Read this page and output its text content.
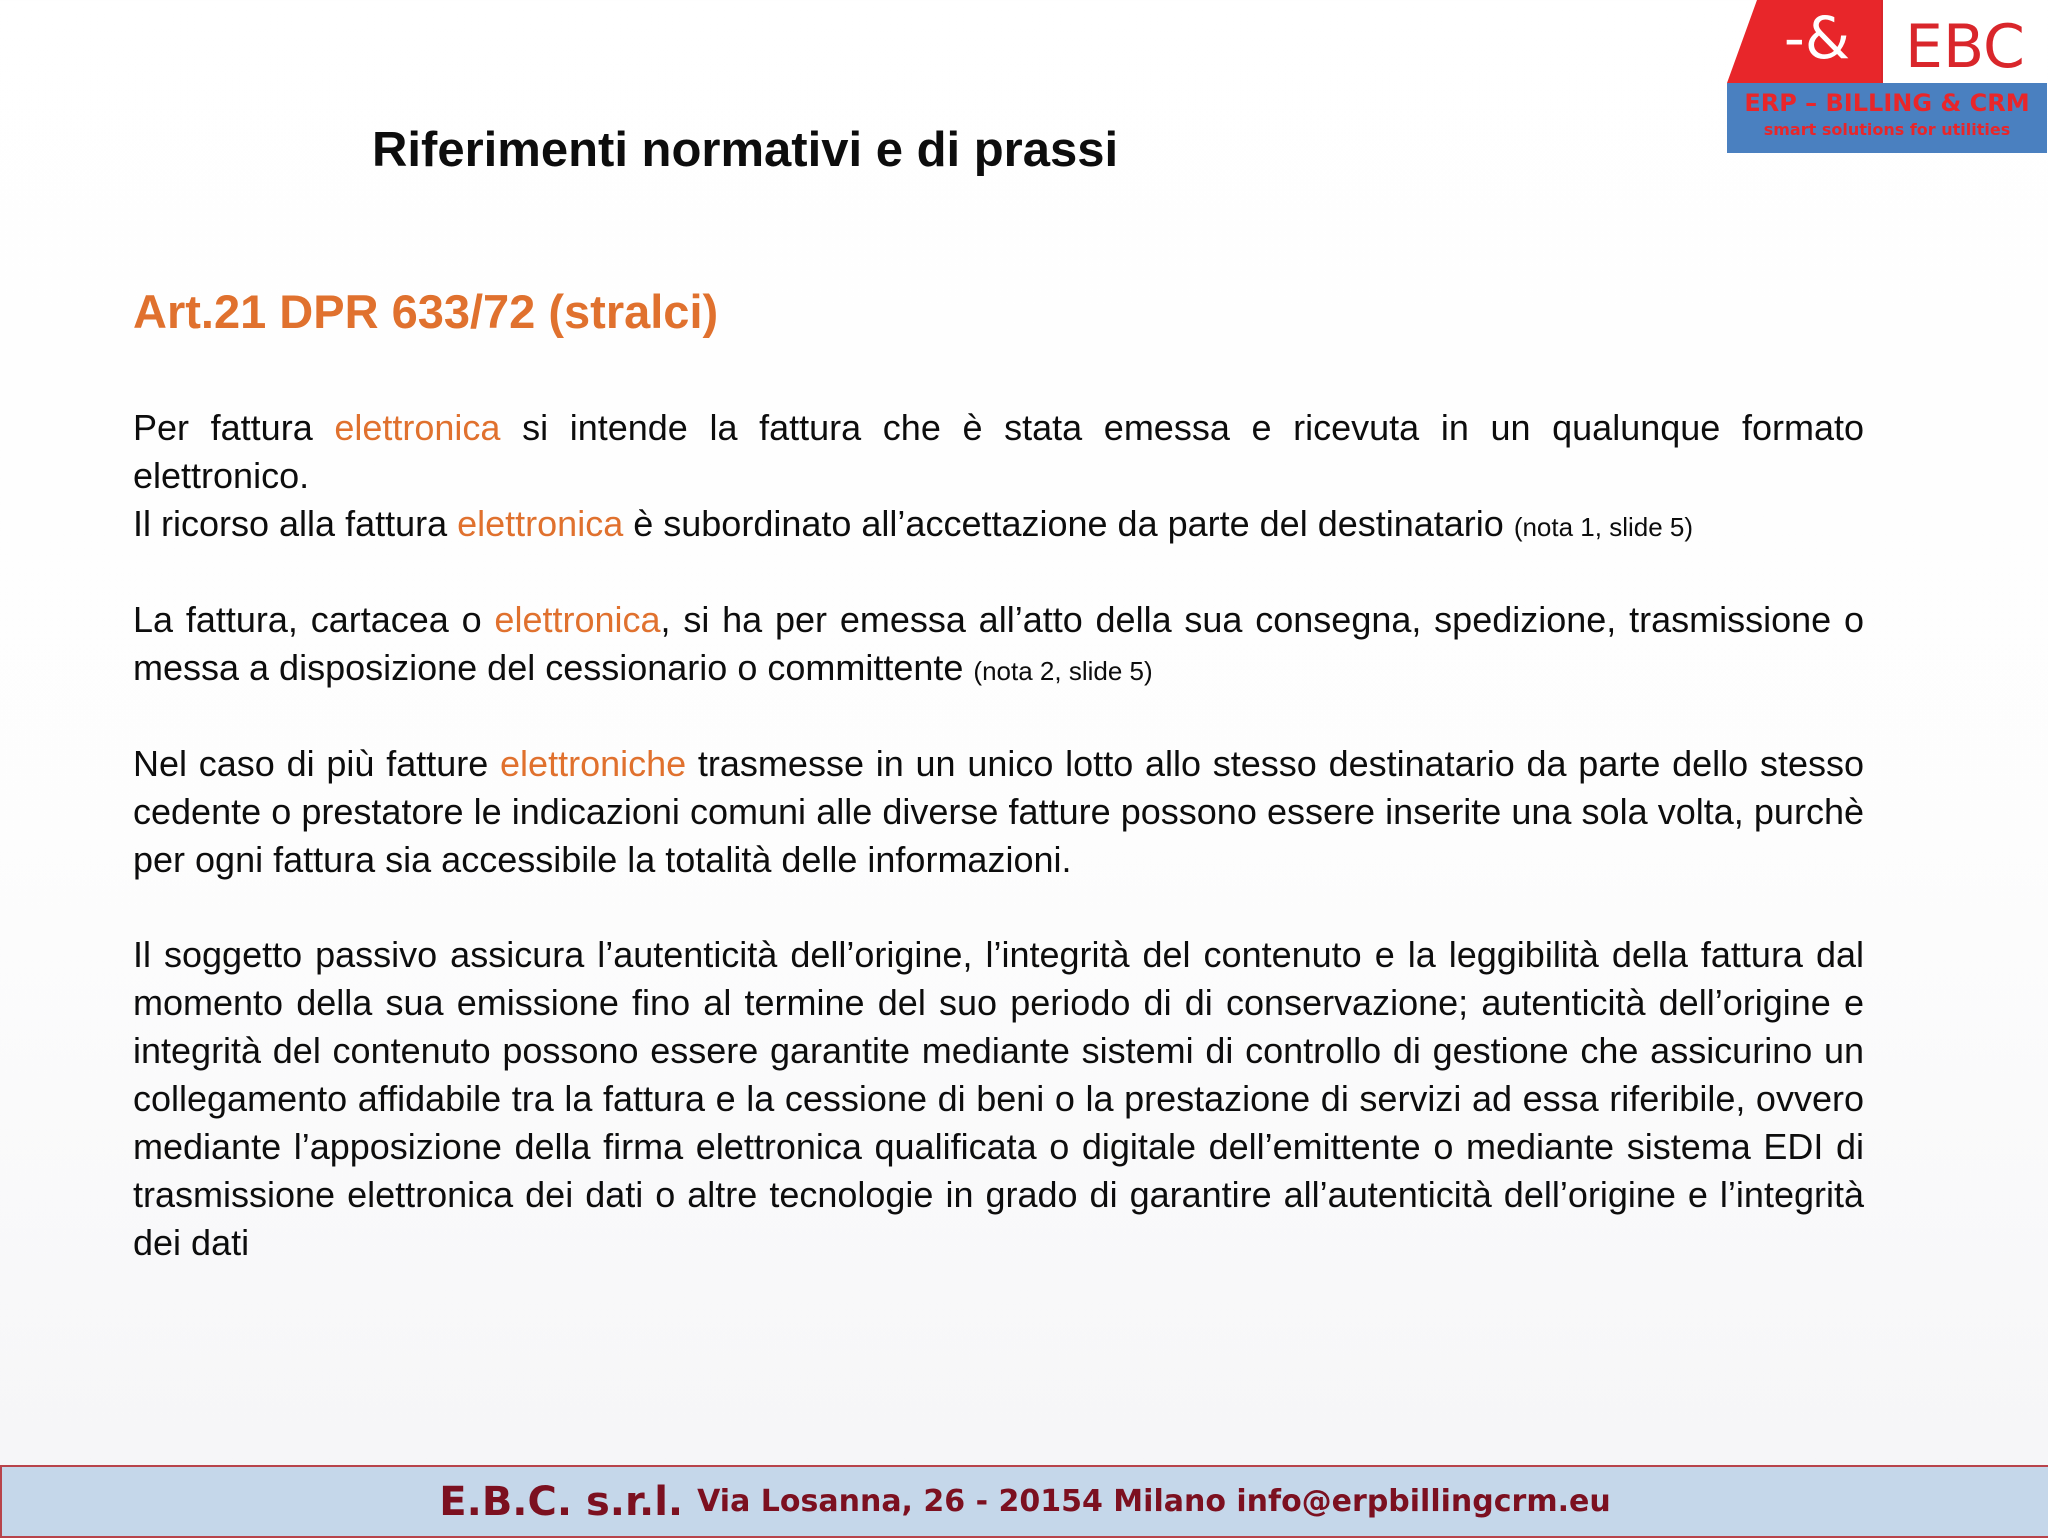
Riferimenti normativi e di prassi
-& EBC
ERP – BILLING & CRM
smart solutions for utilities
Art.21 DPR 633/72 (stralci)

Per fattura elettronica si intende la fattura che è stata emessa e ricevuta in un qualunque formato elettronico.
Il ricorso alla fattura elettronica è subordinato all’accettazione da parte del destinatario (nota 1, slide 5)

La fattura, cartacea o elettronica, si ha per emessa all’atto della sua consegna, spedizione, trasmissione o messa a disposizione del cessionario o committente (nota 2, slide 5)

Nel caso di più fatture elettroniche trasmesse in un unico lotto allo stesso destinatario da parte dello stesso cedente o prestatore le indicazioni comuni alle diverse fatture possono essere inserite una sola volta, purchè per ogni fattura sia accessibile la totalità delle informazioni.

Il soggetto passivo assicura l’autenticità dell’origine, l’integrità del contenuto e la leggibilità della fattura dal momento della sua emissione fino al termine del suo periodo di di conservazione; autenticità dell’origine e integrità del contenuto possono essere garantite mediante sistemi di controllo di gestione che assicurino un collegamento affidabile tra la fattura e la cessione di beni o la prestazione di servizi ad essa riferibile, ovvero mediante l’apposizione della firma elettronica qualificata o digitale dell’emittente o mediante sistema EDI di trasmissione elettronica dei dati o altre tecnologie in grado di garantire all’autenticità dell’origine e l’integrità dei dati

E.B.C. s.r.l. Via Losanna, 26 - 20154 Milano info@erpbillingcrm.eu
